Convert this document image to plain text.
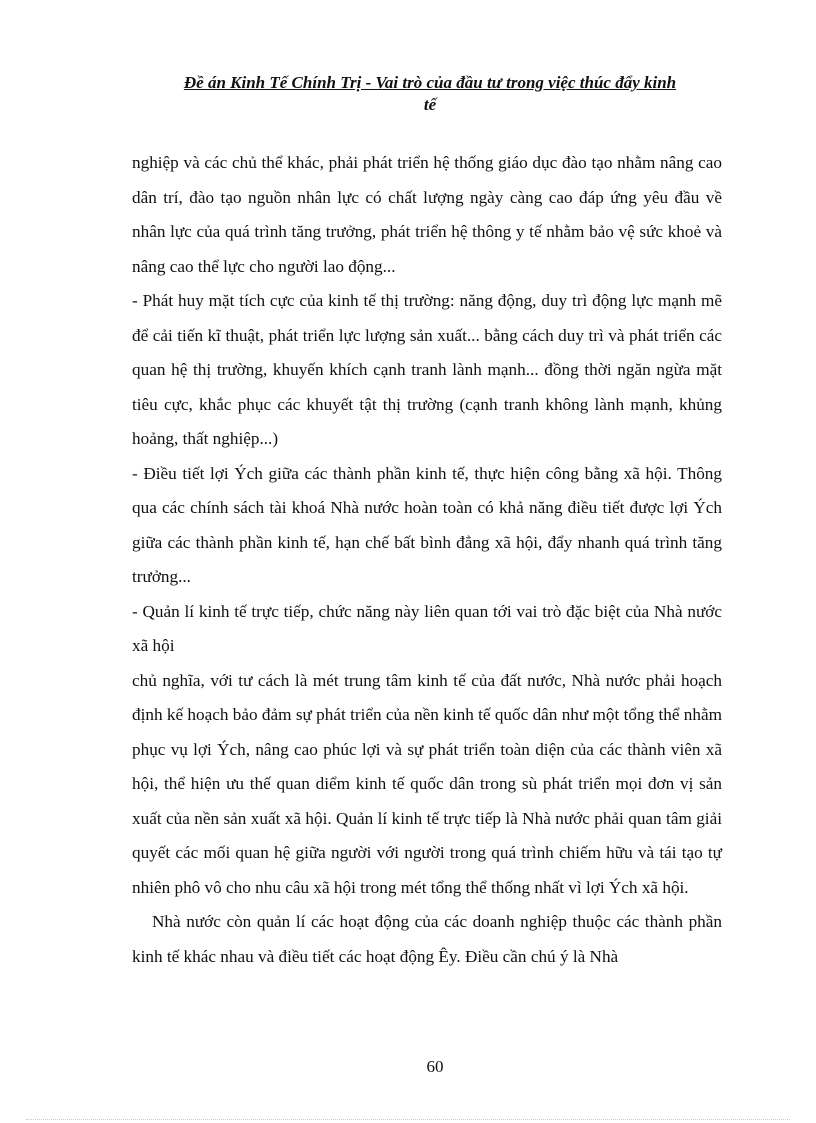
Đề án Kinh Tế Chính Trị - Vai trò của đầu tư trong việc thúc đẩy kinh
tế

nghiệp và các chủ thể khác, phải phát triển hệ thống giáo dục đào tạo nhằm nâng cao dân trí, đào tạo nguồn nhân lực có chất lượng ngày càng cao đáp ứng yêu đầu về nhân lực của quá trình tăng trưởng, phát triển hệ thông y tế nhằm bảo vệ sức khoẻ và nâng cao thể lực cho người lao động...

- Phát huy mặt tích cực của kinh tế thị trường: năng động, duy trì động lực mạnh mẽ để cải tiến kĩ thuật, phát triển lực lượng sản xuất... bằng cách duy trì và phát triển các quan hệ thị trường, khuyến khích cạnh tranh lành mạnh... đồng thời ngăn ngừa mặt tiêu cực, khắc phục các khuyết tật thị trường (cạnh tranh không lành mạnh, khủng hoảng, thất nghiệp...)

- Điều tiết lợi Ých giữa các thành phần kinh tế, thực hiện công bằng xã hội. Thông qua các chính sách tài khoá Nhà nước hoàn toàn có khả năng điều tiết được lợi Ých giữa các thành phần kinh tế, hạn chế bất bình đẳng xã hội, đẩy nhanh quá trình tăng trưởng...

- Quản lí kinh tế trực tiếp, chức năng này liên quan tới vai trò đặc biệt của Nhà nước xã hội

chủ nghĩa, với tư cách là mét trung tâm kinh tế của đất nước, Nhà nước phải hoạch định kế hoạch bảo đảm sự phát triển của nền kinh tế quốc dân như một tổng thể nhằm phục vụ lợi Ých, nâng cao phúc lợi và sự phát triển toàn diện của các thành viên xã hội, thể hiện ưu thế quan diểm kinh tế quốc dân trong sù phát triển mọi đơn vị sản xuất của nền sản xuất xã hội. Quản lí kinh tế trực tiếp là Nhà nước phải quan tâm giải quyết các mối quan hệ giữa người với người trong quá trình chiếm hữu và tái tạo tự nhiên phô vô cho nhu câu xã hội trong mét tổng thể thống nhất vì lợi Ých xã hội.

Nhà nước còn quản lí các hoạt động của các doanh nghiệp thuộc các thành phần kinh tế khác nhau và điều tiết các hoạt động Êy. Điều cần chú ý là Nhà

60
